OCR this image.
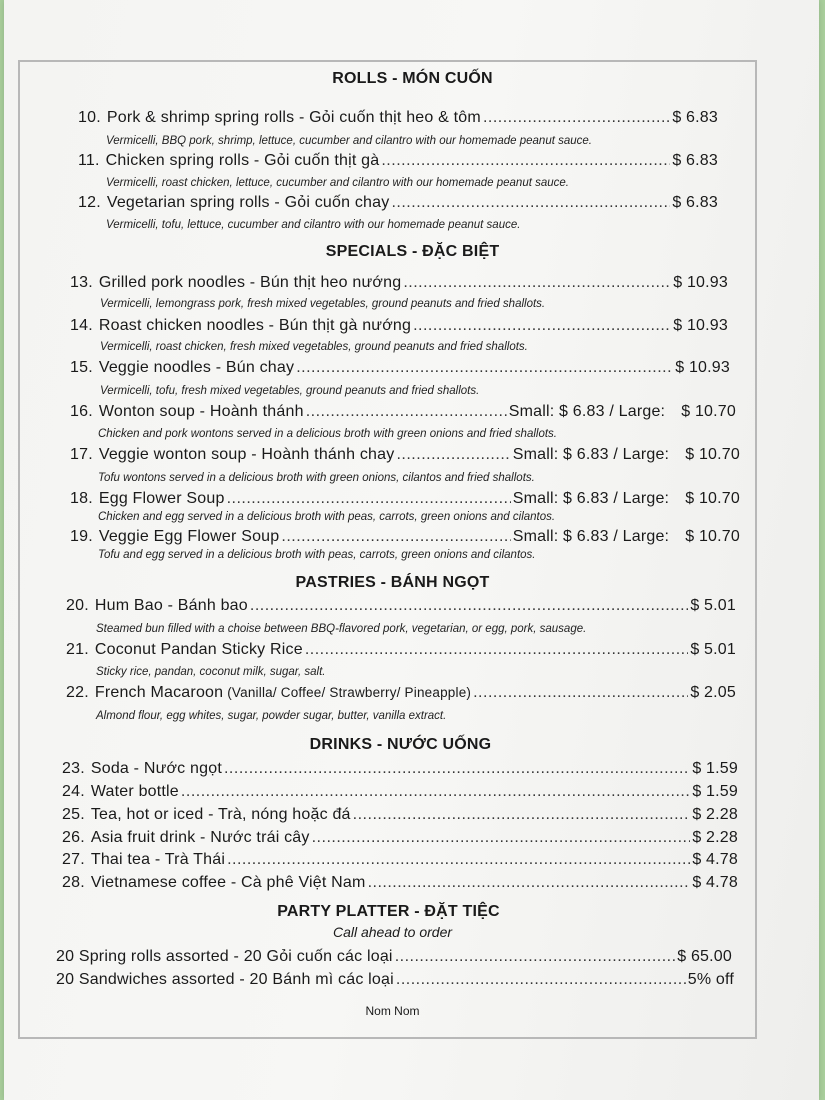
ROLLS - MÓN CUỐN
10. Pork & shrimp spring rolls - Gỏi cuốn thịt heo & tôm .....	$ 6.83
Vermicelli, BBQ pork, shrimp, lettuce, cucumber and cilantro with our homemade peanut sauce.
11. Chicken spring rolls - Gỏi cuốn thịt gà .....	$ 6.83
Vermicelli, roast chicken, lettuce, cucumber and cilantro with our homemade peanut sauce.
12. Vegetarian spring rolls - Gỏi cuốn chay .....	$ 6.83
Vermicelli, tofu, lettuce, cucumber and cilantro with our homemade peanut sauce.
SPECIALS - ĐẶC BIỆT
13. Grilled pork noodles - Bún thịt heo nướng .....	$ 10.93
Vermicelli, lemongrass pork, fresh mixed vegetables, ground peanuts and fried shallots.
14. Roast chicken noodles - Bún thịt gà nướng .....	$ 10.93
Vermicelli, roast chicken, fresh mixed vegetables, ground peanuts and fried shallots.
15. Veggie noodles - Bún chay .....	$ 10.93
Vermicelli, tofu, fresh mixed vegetables, ground peanuts and fried shallots.
16. Wonton soup - Hoành thánh .....	Small: $ 6.83 / Large: $ 10.70
Chicken and pork wontons served in a delicious broth with green onions and fried shallots.
17. Veggie wonton soup - Hoành thánh chay .....	Small: $ 6.83 / Large: $ 10.70
Tofu wontons served in a delicious broth with green onions, cilantos and fried shallots.
18. Egg Flower Soup .....	Small: $ 6.83 / Large: $ 10.70
Chicken and egg served in a delicious broth with peas, carrots, green onions and cilantos.
19. Veggie Egg Flower Soup .....	Small: $ 6.83 / Large: $ 10.70
Tofu and egg served in a delicious broth with peas, carrots, green onions and cilantos.
PASTRIES - BÁNH NGỌT
20. Hum Bao - Bánh bao .....	$ 5.01
Steamed bun filled with a choise between BBQ-flavored pork, vegetarian, or egg, pork, sausage.
21. Coconut Pandan Sticky Rice .....	$ 5.01
Sticky rice, pandan, coconut milk, sugar, salt.
22. French Macaroon (Vanilla/ Coffee/ Strawberry/ Pineapple) .....	$ 2.05
Almond flour, egg whites, sugar, powder sugar, butter, vanilla extract.
DRINKS - NƯỚC UỐNG
23. Soda - Nước ngọt .....	$ 1.59
24. Water bottle .....	$ 1.59
25. Tea, hot or iced - Trà, nóng hoặc đá .....	$ 2.28
26. Asia fruit drink - Nước trái cây .....	$ 2.28
27. Thai tea - Trà Thái .....	$ 4.78
28. Vietnamese coffee - Cà phê Việt Nam .....	$ 4.78
PARTY PLATTER - ĐẶT TIỆC
Call ahead to order
20 Spring rolls assorted - 20 Gỏi cuốn các loại .....	$ 65.00
20 Sandwiches assorted - 20 Bánh mì các loại .....	5% off
Nom Nom
